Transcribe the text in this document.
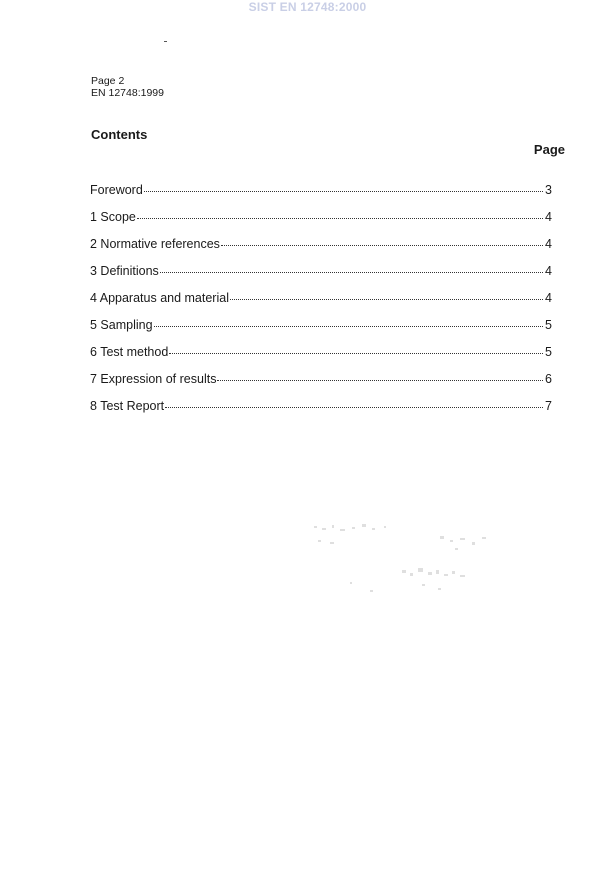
SIST EN 12748:2000
Page 2
EN 12748:1999
Contents
Page
Foreword	3
1 Scope	4
2 Normative references	4
3 Definitions	4
4 Apparatus and material	4
5 Sampling	5
6 Test method	5
7 Expression of results	6
8 Test Report	7
